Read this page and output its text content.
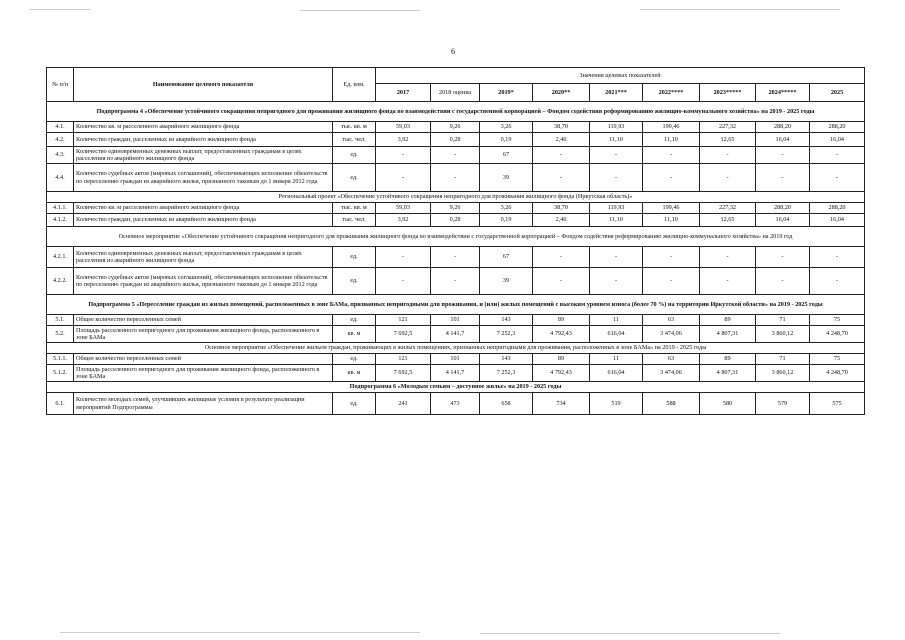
6
№ п/п	Наименование целевого показателя	Ед. изм.	Значения целевых показателей								
			2017	2018 оценка	2019*	2020**	2021***	2022****	2023*****	2024*****	2025
Подпрограмма 4 «Обеспечение устойчивого сокращения непригодного для проживания жилищного фонда во взаимодействии с государственной корпорацией – Фондом содействия реформированию жилищно-коммунального хозяйства» на 2019 - 2025 годы											
4.1.	Количество кв. м расселенного аварийного жилищного фонда	тыс. кв. м	59,03	9,26	3,26	38,70	119,93	199,46	227,32	288,20	288,20
4.2.	Количество граждан, расселенных из аварийного жилищного фонда	тыс. чел.	3,92	0,28	0,19	2,40	11,10	11,10	12,65	16,04	16,04
4.3.	Количество единовременных денежных выплат, предоставленных гражданам в целях расселения из аварийного жилищного фонда	ед.	-	-	67	-	-	-	-	-	-
4.4.	Количество судебных актов (мировых соглашений), обеспечивающих исполнение обязательств по переселению граждан из аварийного жилья, признанного таковым до 1 января 2012 года	ед.	-	-	39	-	-	-	-	-	-
Региональный проект «Обеспечение устойчивого сокращения непригодного для проживания жилищного фонда (Иркутская область)»											
4.1.1.	Количество кв. м расселенного аварийного жилищного фонда	тыс. кв. м	59,03	9,26	3,26	38,70	119,93	199,46	227,32	288,20	288,20
4.1.2.	Количество граждан, расселенных из аварийного жилищного фонда	тыс. чел.	3,92	0,28	0,19	2,40	11,10	11,10	12,65	16,04	16,04
Основное мероприятие «Обеспечение устойчивого сокращения непригодного для проживания жилищного фонда во взаимодействии с государственной корпорацией – Фондом содействия реформированию жилищно-коммунального хозяйства» на 2019 год											
4.2.1.	Количество единовременных денежных выплат, предоставленных гражданам в целях расселения из аварийного жилищного фонда	ед.	-	-	67	-	-	-	-	-	-
4.2.2.	Количество судебных актов (мировых соглашений), обеспечивающих исполнение обязательств по переселению граждан из аварийного жилья, признанного таковым до 1 января 2012 года	ед.	-	-	39	-	-	-	-	-	-
Подпрограмма 5 «Переселение граждан из жилых помещений, расположенных в зоне БАМа, признанных непригодными для проживания, и (или) жилых помещений с высоким уровнем износа (более 70 %) на территории Иркутской области» на 2019 - 2025 годы											
5.1.	Общее количество переселенных семей	ед.	121	101	143	89	11	63	89	71	75
5.2.	Площадь расселенного непригодного для проживания жилищного фонда, расположенного в зоне БАМа	кв. м	7 692,5	4 141,7	7 252,3	4 792,43	616,04	3 474,06	4 807,31	3 860,12	4 248,70
Основное мероприятие «Обеспечение жильем граждан, проживающих в жилых помещениях, признанных непригодными для проживания, расположенных в зоне БАМа» на 2019 - 2025 годы											
5.1.1.	Общее количество переселенных семей	ед.	121	101	143	89	11	63	89	71	75
5.1.2.	Площадь расселенного непригодного для проживания жилищного фонда, расположенного в зоне БАМа	кв. м	7 692,5	4 141,7	7 252,3	4 792,43	616,04	3 474,06	4 807,31	3 860,12	4 248,70
Подпрограмма 6 «Молодым семьям – доступное жилье» на 2019 - 2025 годы											
6.1.	Количество молодых семей, улучшивших жилищные условия в результате реализации мероприятий Подпрограммы	ед.	241	473	658	734	519	588	580	579	575
